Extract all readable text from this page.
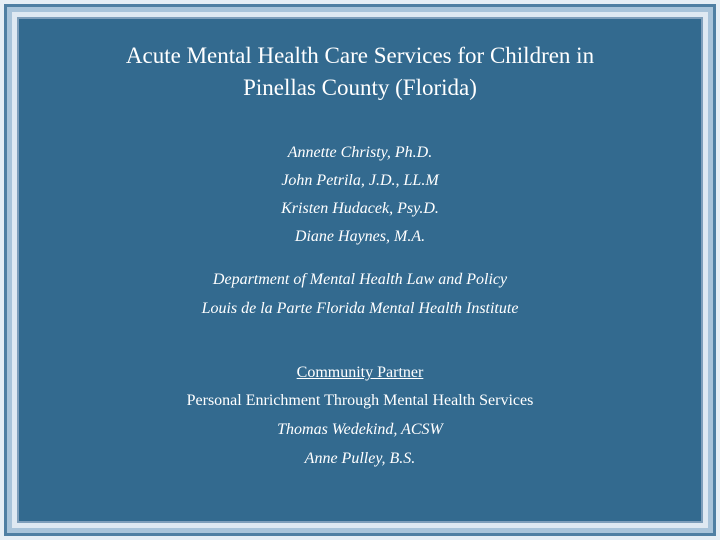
Acute Mental Health Care Services for Children in
Pinellas County (Florida)
Annette Christy, Ph.D.
John Petrila, J.D., LL.M
Kristen Hudacek, Psy.D.
Diane Haynes, M.A.
Department of Mental Health Law and Policy
Louis de la Parte Florida Mental Health Institute
Community Partner
Personal Enrichment Through Mental Health Services
Thomas Wedekind, ACSW
Anne Pulley, B.S.
